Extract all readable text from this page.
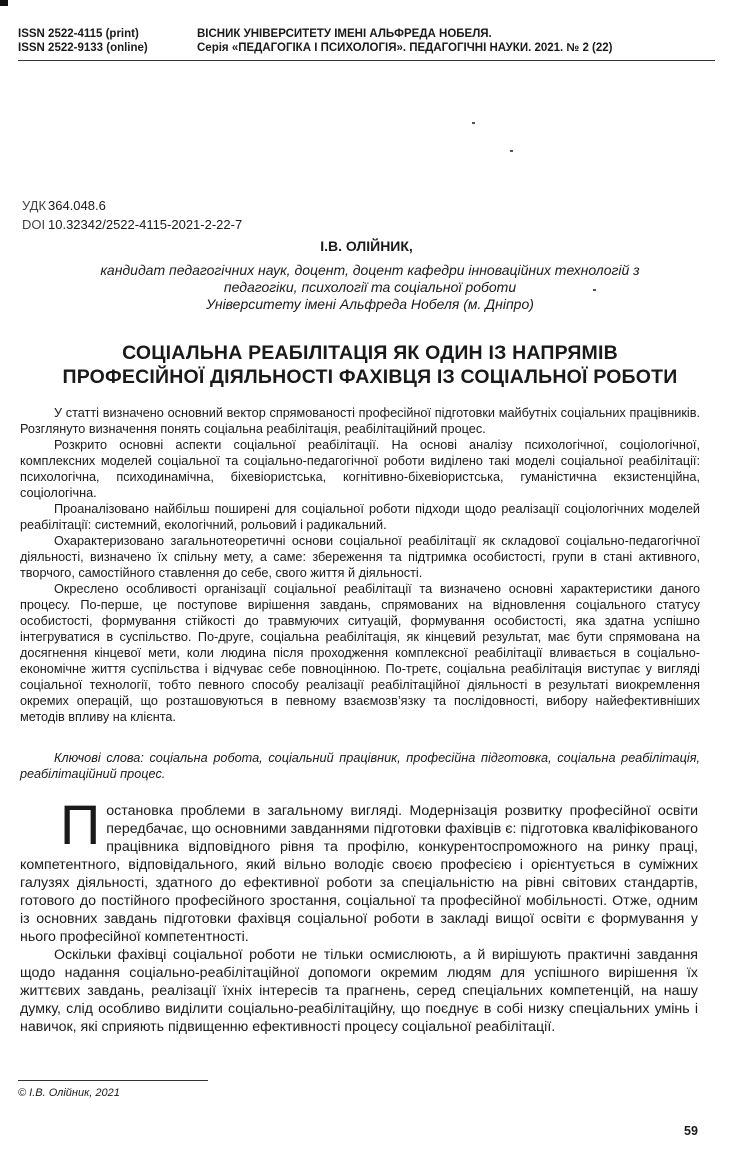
ISSN 2522-4115 (print)
ISSN 2522-9133 (online)
ВІСНИК УНІВЕРСИТЕТУ ІМЕНІ АЛЬФРЕДА НОБЕЛЯ.
Серія «ПЕДАГОГІКА І ПСИХОЛОГІЯ». ПЕДАГОГІЧНІ НАУКИ. 2021. № 2 (22)
УДК 364.048.6
DOI 10.32342/2522-4115-2021-2-22-7
І.В. ОЛІЙНИК,
кандидат педагогічних наук, доцент, доцент кафедри інноваційних технологій з
педагогіки, психології та соціальної роботи
Університету імені Альфреда Нобеля (м. Дніпро)
СОЦІАЛЬНА РЕАБІЛІТАЦІЯ ЯК ОДИН ІЗ НАПРЯМІВ
ПРОФЕСІЙНОЇ ДІЯЛЬНОСТІ ФАХІВЦЯ ІЗ СОЦІАЛЬНОЇ РОБОТИ

У статті визначено основний вектор спрямованості професійної підготовки майбутніх соціальних працівників. Розглянуто визначення понять соціальна реабілітація, реабілітаційний процес.

Розкрито основні аспекти соціальної реабілітації. На основі аналізу психологічної, соціологічної, комплексних моделей соціальної та соціально-педагогічної роботи виділено такі моделі соціальної реабілітації: психологічна, психодинамічна, біхевіористська, когнітивно-біхевіористська, гуманістична екзистенційна, соціологічна.

Проаналізовано найбільш поширені для соціальної роботи підходи щодо реалізації соціологічних моделей реабілітації: системний, екологічний, рольовий і радикальний.

Охарактеризовано загальнотеоретичні основи соціальної реабілітації як складової соціально-педагогічної діяльності, визначено їх спільну мету, а саме: збереження та підтримка особистості, групи в стані активного, творчого, самостійного ставлення до себе, свого життя й діяльності.

Окреслено особливості організації соціальної реабілітації та визначено основні характеристики даного процесу. По-перше, це поступове вирішення завдань, спрямованих на відновлення соціального статусу особистості, формування стійкості до травмуючих ситуацій, формування особистості, яка здатна успішно інтегруватися в суспільство. По-друге, соціальна реабілітація, як кінцевий результат, має бути спрямована на досягнення кінцевої мети, коли людина після проходження комплексної реабілітації вливається в соціально-економічне життя суспільства і відчуває себе повноцінною. По-третє, соціальна реабілітація виступає у вигляді соціальної технології, тобто певного способу реалізації реабілітаційної діяльності в результаті виокремлення окремих операцій, що розташовуються в певному взаємозв’язку та послідовності, вибору найефективніших методів впливу на клієнта.

Ключові слова: соціальна робота, соціальний працівник, професійна підготовка, соціальна реабілітація, реабілітаційний процес.

Постановка проблеми в загальному вигляді. Модернізація розвитку професійної освіти передбачає, що основними завданнями підготовки фахівців є: підготовка кваліфікованого працівника відповідного рівня та профілю, конкурентоспроможного на ринку праці, компетентного, відповідального, який вільно володіє своєю професією і орієнтується в суміжних галузях діяльності, здатного до ефективної роботи за спеціальністю на рівні світових стандартів, готового до постійного професійного зростання, соціальної та професійної мобільності. Отже, одним із основних завдань підготовки фахівця соціальної роботи в закладі вищої освіти є формування у нього професійної компетентності.

Оскільки фахівці соціальної роботи не тільки осмислюють, а й вирішують практичні завдання щодо надання соціально-реабілітаційної допомоги окремим людям для успішного вирішення їх життєвих завдань, реалізації їхніх інтересів та прагнень, серед спеціальних компетенцій, на нашу думку, слід особливо виділити соціально-реабілітаційну, що поєднує в собі низку спеціальних умінь і навичок, які сприяють підвищенню ефективності процесу соціальної реабілітації.

© І.В. Олійник, 2021
59
